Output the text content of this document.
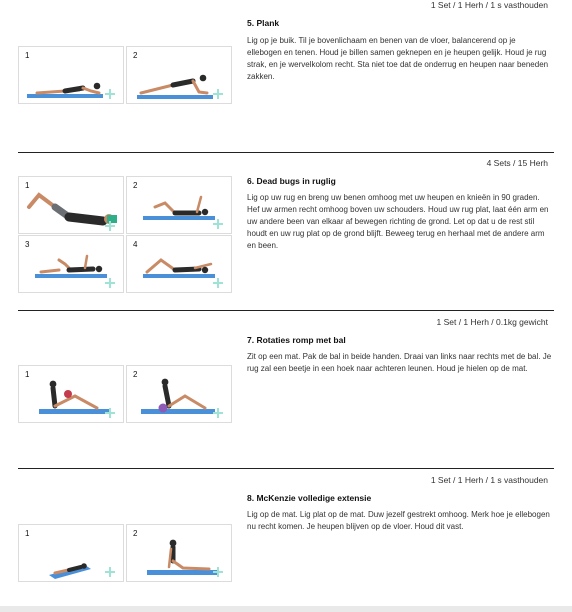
1 Set / 1 Herh / 1 s vasthouden
5. Plank

Lig op je buik. Til je bovenlichaam en benen van de vloer, balancerend op je ellebogen en tenen. Houd je billen samen geknepen en je heupen gelijk. Houd je rug strak, en je wervelkolom recht. Sta niet toe dat de onderrug en heupen naar beneden zakken.

1	2
4 Sets / 15 Herh
6. Dead bugs in ruglig

Lig op uw rug en breng uw benen omhoog met uw heupen en knieën in 90 graden. Hef uw armen recht omhoog boven uw schouders. Houd uw rug plat, laat één arm en uw andere been van elkaar af bewegen richting de grond. Let op dat u de rest stil houdt en uw rug plat op de grond blijft. Beweeg terug en herhaal met de andere arm en been.

1	2
3	4
1 Set / 1 Herh / 0.1kg gewicht
7. Rotaties romp met bal

Zit op een mat. Pak de bal in beide handen. Draai van links naar rechts met de bal. Je rug zal een beetje in een hoek naar achteren leunen. Houd je hielen op de mat.

1	2
1 Set / 1 Herh / 1 s vasthouden
8. McKenzie volledige extensie

Lig op de mat. Lig plat op de mat. Duw jezelf gestrekt omhoog. Merk hoe je ellebogen nu recht komen. Je heupen blijven op de vloer. Houd dit vast.

1	2
